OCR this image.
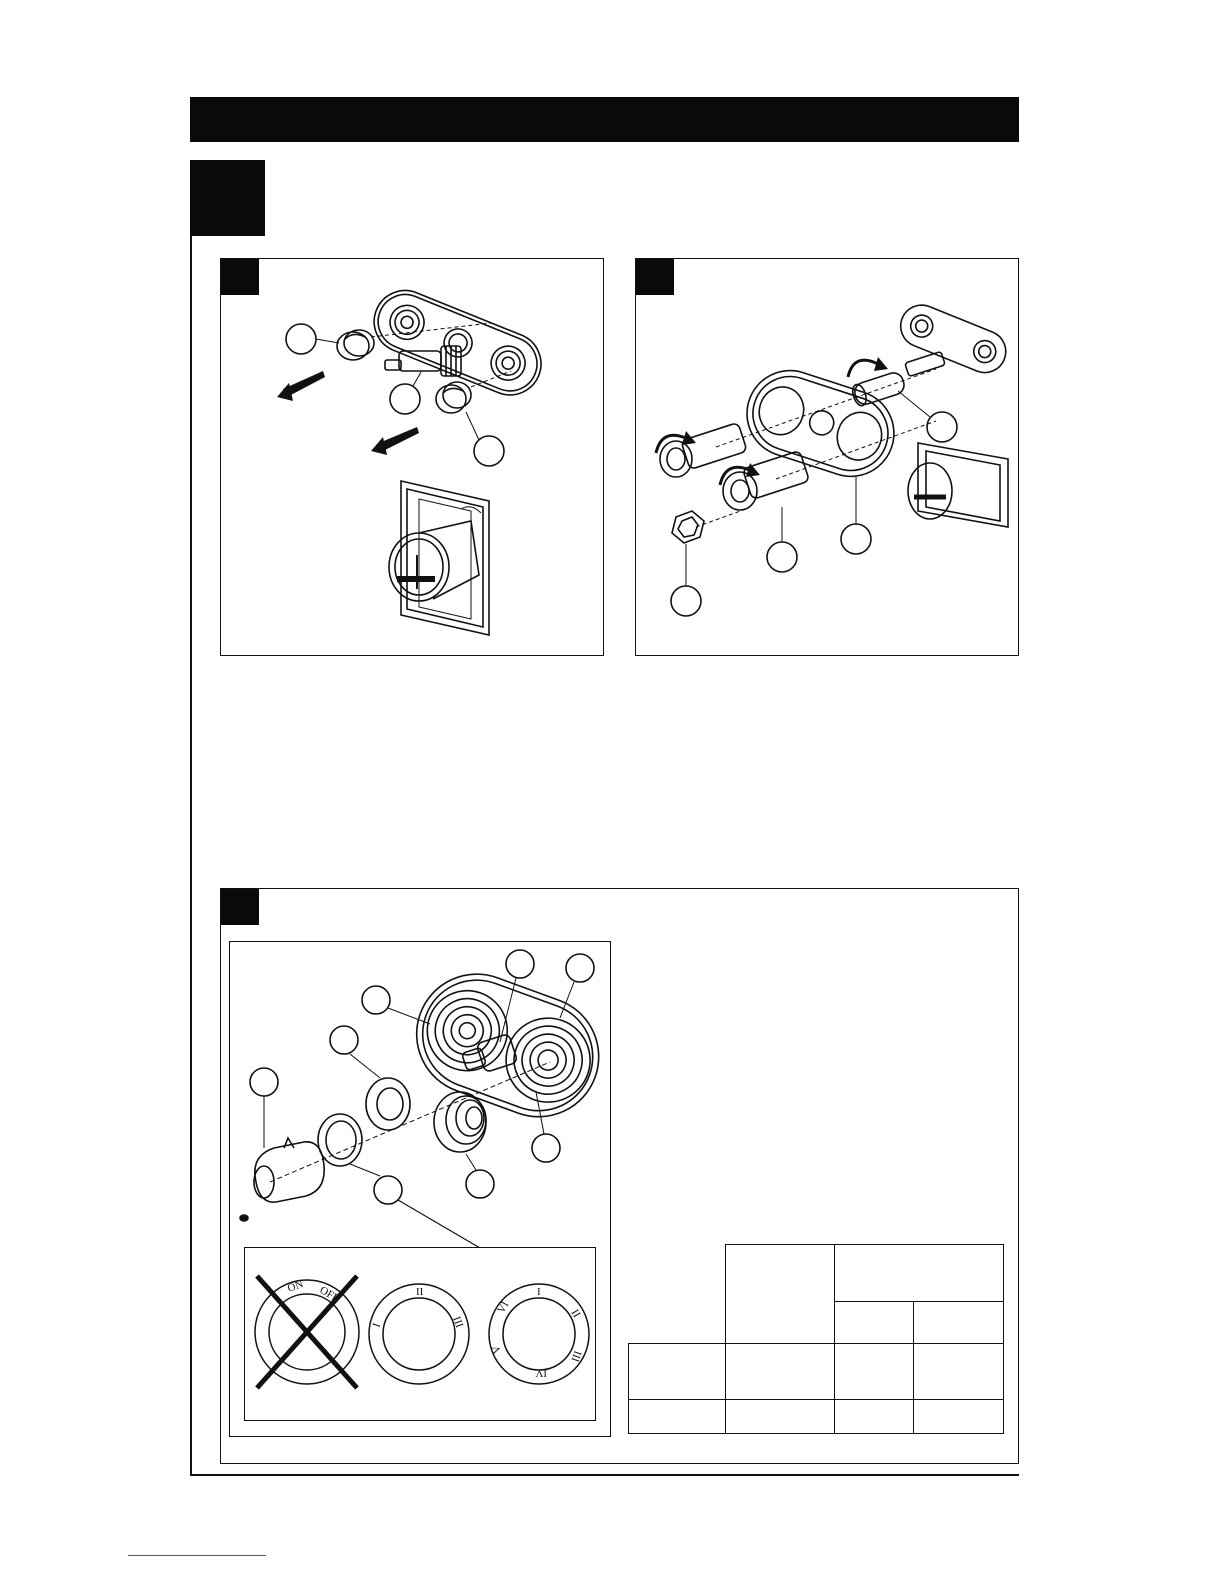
ON OFF	II
I	III
I
II
III
IV
V
VI
